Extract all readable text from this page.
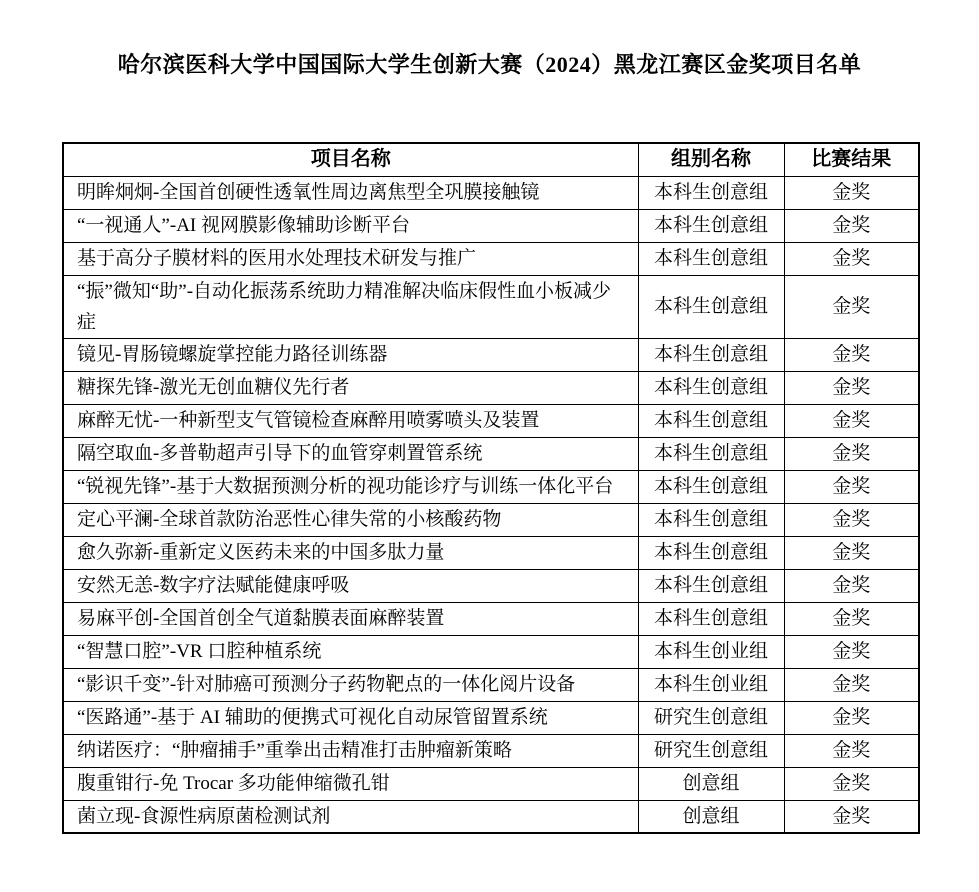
哈尔滨医科大学中国国际大学生创新大赛（2024）黑龙江赛区金奖项目名单
项目名称	组别名称	比赛结果
明眸炯炯-全国首创硬性透氧性周边离焦型全巩膜接触镜	本科生创意组	金奖
“一视通人”-AI 视网膜影像辅助诊断平台	本科生创意组	金奖
基于高分子膜材料的医用水处理技术研发与推广	本科生创意组	金奖
“振”微知“助”-自动化振荡系统助力精准解决临床假性血小板减少症	本科生创意组	金奖
镜见-胃肠镜螺旋掌控能力路径训练器	本科生创意组	金奖
糖探先锋-激光无创血糖仪先行者	本科生创意组	金奖
麻醉无忧-一种新型支气管镜检查麻醉用喷雾喷头及装置	本科生创意组	金奖
隔空取血-多普勒超声引导下的血管穿刺置管系统	本科生创意组	金奖
“锐视先锋”-基于大数据预测分析的视功能诊疗与训练一体化平台	本科生创意组	金奖
定心平澜-全球首款防治恶性心律失常的小核酸药物	本科生创意组	金奖
愈久弥新-重新定义医药未来的中国多肽力量	本科生创意组	金奖
安然无恙-数字疗法赋能健康呼吸	本科生创意组	金奖
易麻平创-全国首创全气道黏膜表面麻醉装置	本科生创意组	金奖
“智慧口腔”-VR 口腔种植系统	本科生创业组	金奖
“影识千变”-针对肺癌可预测分子药物靶点的一体化阅片设备	本科生创业组	金奖
“医路通”-基于 AI 辅助的便携式可视化自动尿管留置系统	研究生创意组	金奖
纳诺医疗：“肿瘤捕手”重拳出击精准打击肿瘤新策略	研究生创意组	金奖
腹重钳行-免 Trocar 多功能伸缩微孔钳	创意组	金奖
菌立现-食源性病原菌检测试剂	创意组	金奖
